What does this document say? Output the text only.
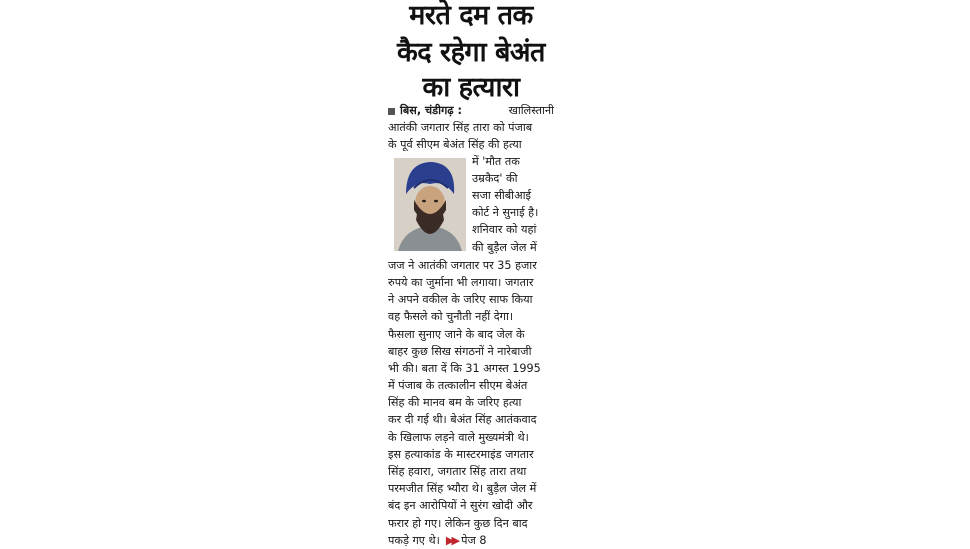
मरते दम तक
कैद रहेगा बेअंत
का हत्यारा
बिस, चंडीगढ़ :	खालिस्तानी
आतंकी जगतार सिंह तारा को पंजाब
के पूर्व सीएम बेअंत सिंह की हत्या
में 'मौत तक
उम्रकैद' की
सजा सीबीआई
कोर्ट ने सुनाई है।
शनिवार को यहां
की बुड़ैल जेल में
जज ने आतंकी जगतार पर 35 हजार
रुपये का जुर्माना भी लगाया। जगतार
ने अपने वकील के जरिए साफ किया
वह फैसले को चुनौती नहीं देगा।
फैसला सुनाए जाने के बाद जेल के
बाहर कुछ सिख संगठनों ने नारेबाजी
भी की। बता दें कि 31 अगस्त 1995
में पंजाब के तत्कालीन सीएम बेअंत
सिंह की मानव बम के जरिए हत्या
कर दी गई थी। बेअंत सिंह आतंकवाद
के खिलाफ लड़ने वाले मुख्यमंत्री थे।
इस हत्याकांड के मास्टरमाइंड जगतार
सिंह हवारा, जगतार सिंह तारा तथा
परमजीत सिंह भ्यौरा थे। बुड़ैल जेल में
बंद इन आरोपियों ने सुरंग खोदी और
फरार हो गए। लेकिन कुछ दिन बाद
पकड़े गए थे। ▶▶ पेज 8
